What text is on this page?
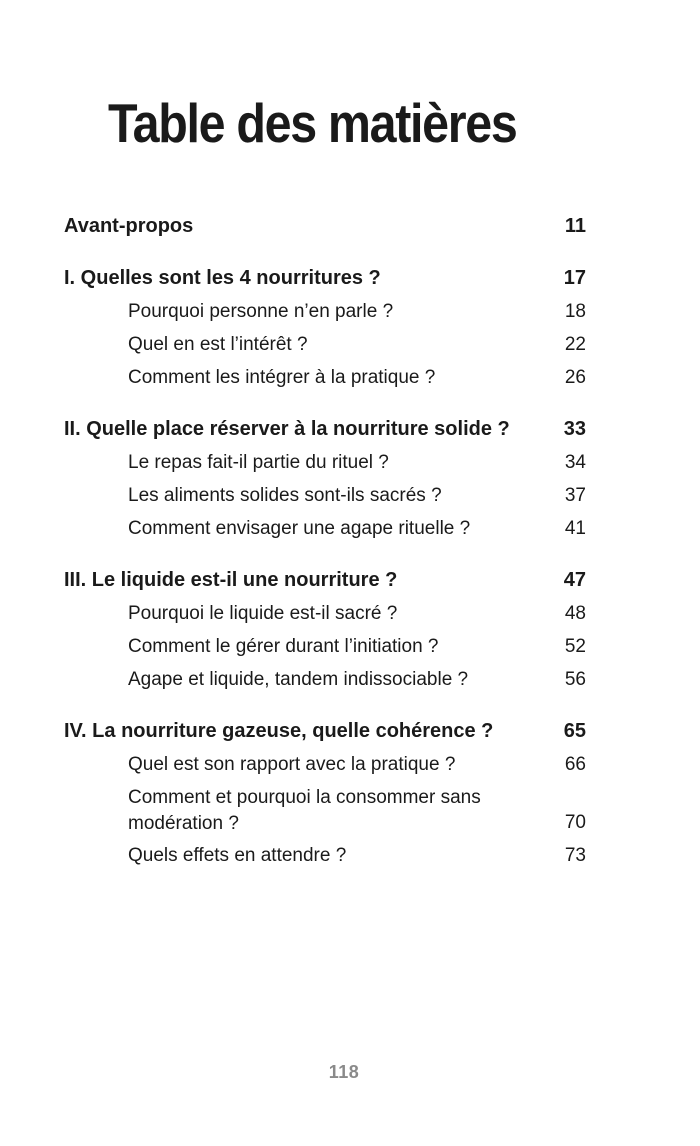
Table des matières
Avant-propos	11
I. Quelles sont les 4 nourritures ?	17
Pourquoi personne n’en parle ?	18
Quel en est l’intérêt ?	22
Comment les intégrer à la pratique ?	26
II. Quelle place réserver à la nourriture solide ?	33
Le repas fait-il partie du rituel ?	34
Les aliments solides sont-ils sacrés ?	37
Comment envisager une agape rituelle ?	41
III. Le liquide est-il une nourriture ?	47
Pourquoi le liquide est-il sacré ?	48
Comment le gérer durant l’initiation ?	52
Agape et liquide, tandem indissociable ?	56
IV. La nourriture gazeuse, quelle cohérence ?	65
Quel est son rapport avec la pratique ?	66
Comment et pourquoi la consommer sans modération ?	70
Quels effets en attendre ?	73
118
